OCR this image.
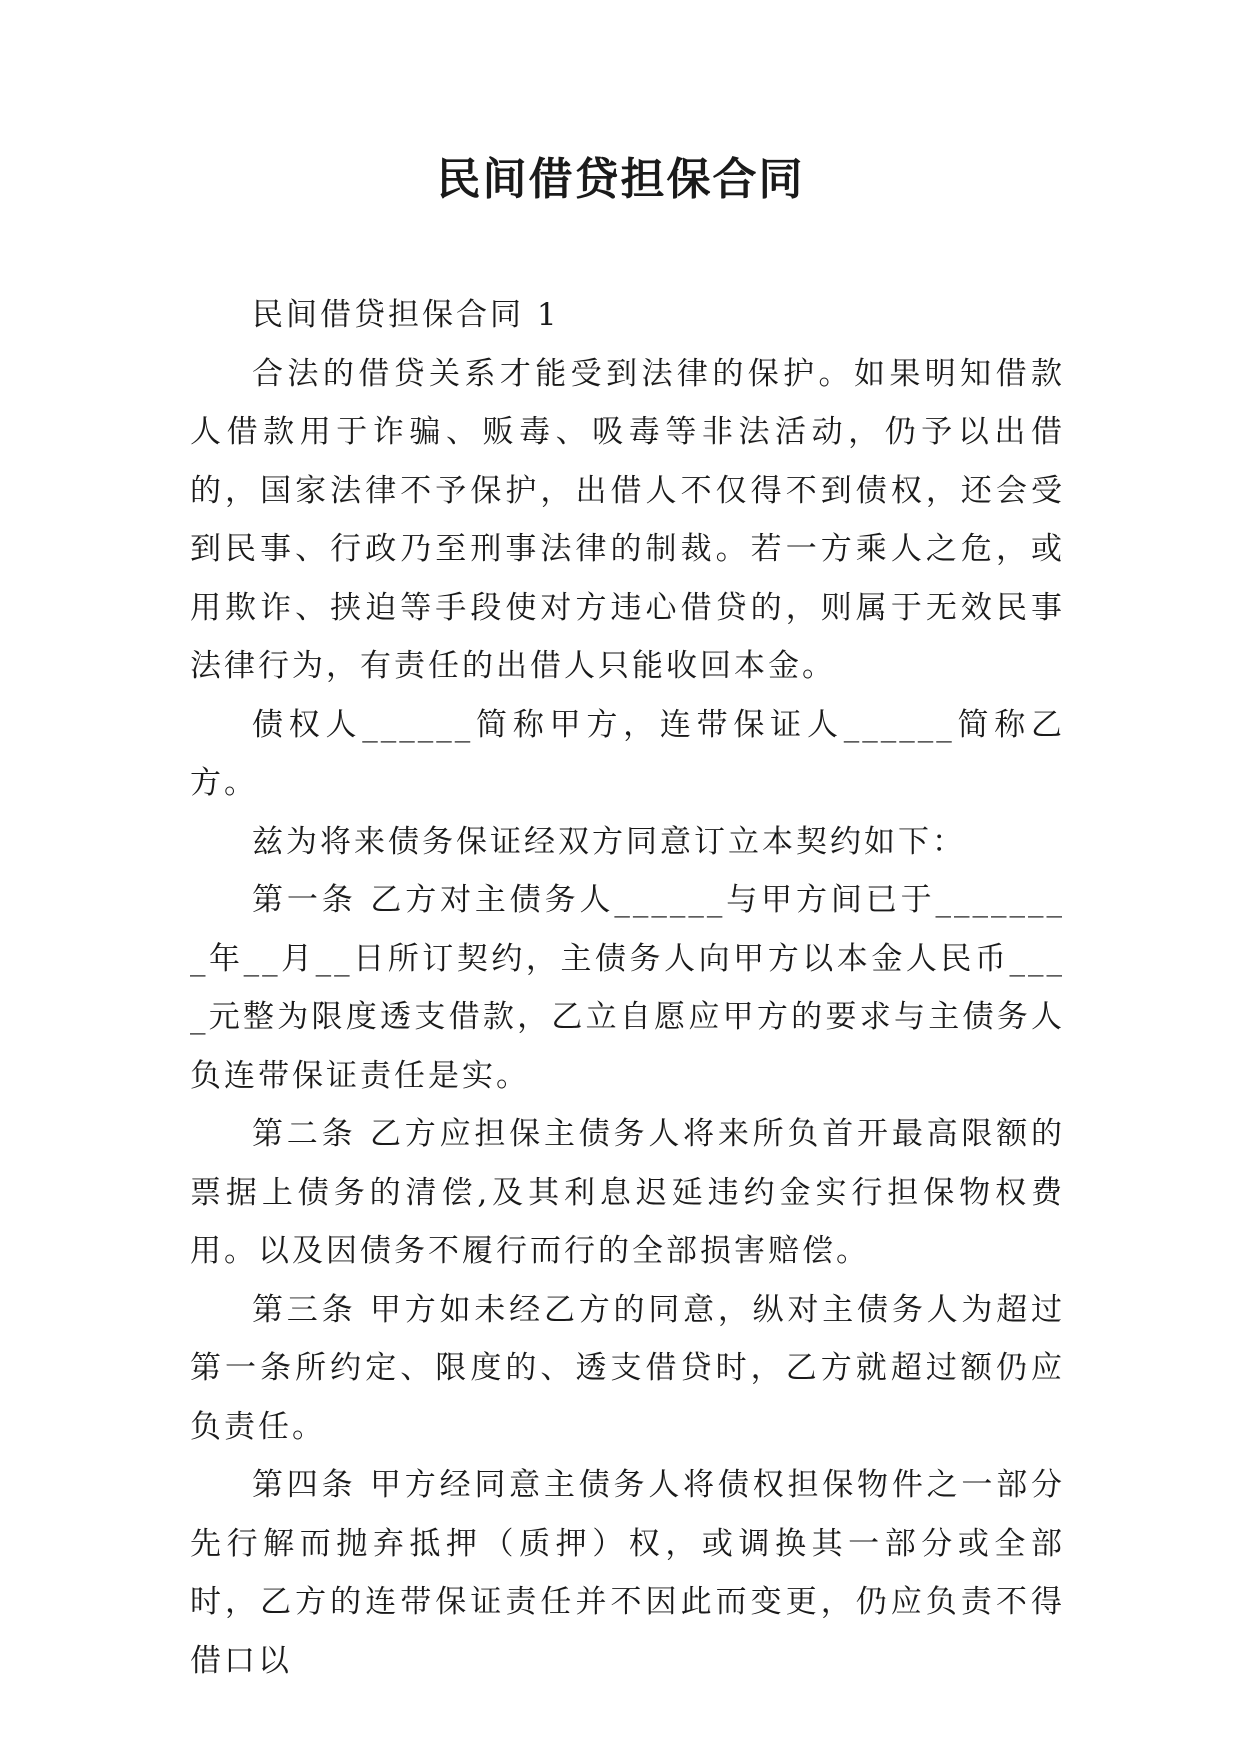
民间借贷担保合同

民间借贷担保合同 1

合法的借贷关系才能受到法律的保护。如果明知借款人借款用于诈骗、贩毒、吸毒等非法活动，仍予以出借的，国家法律不予保护，出借人不仅得不到债权，还会受到民事、行政乃至刑事法律的制裁。若一方乘人之危，或用欺诈、挟迫等手段使对方违心借贷的，则属于无效民事法律行为，有责任的出借人只能收回本金。

债权人______简称甲方，连带保证人______简称乙方。

兹为将来债务保证经双方同意订立本契约如下：

第一条 乙方对主债务人______与甲方间已于________年__月__日所订契约，主债务人向甲方以本金人民币____元整为限度透支借款，乙立自愿应甲方的要求与主债务人负连带保证责任是实。

第二条 乙方应担保主债务人将来所负首开最高限额的票据上债务的清偿,及其利息迟延违约金实行担保物权费用。以及因债务不履行而行的全部损害赔偿。

第三条 甲方如未经乙方的同意，纵对主债务人为超过第一条所约定、限度的、透支借贷时，乙方就超过额仍应负责任。

第四条 甲方经同意主债务人将债权担保物件之一部分先行解而抛弃抵押（质押）权，或调换其一部分或全部时，乙方的连带保证责任并不因此而变更，仍应负责不得借口以
